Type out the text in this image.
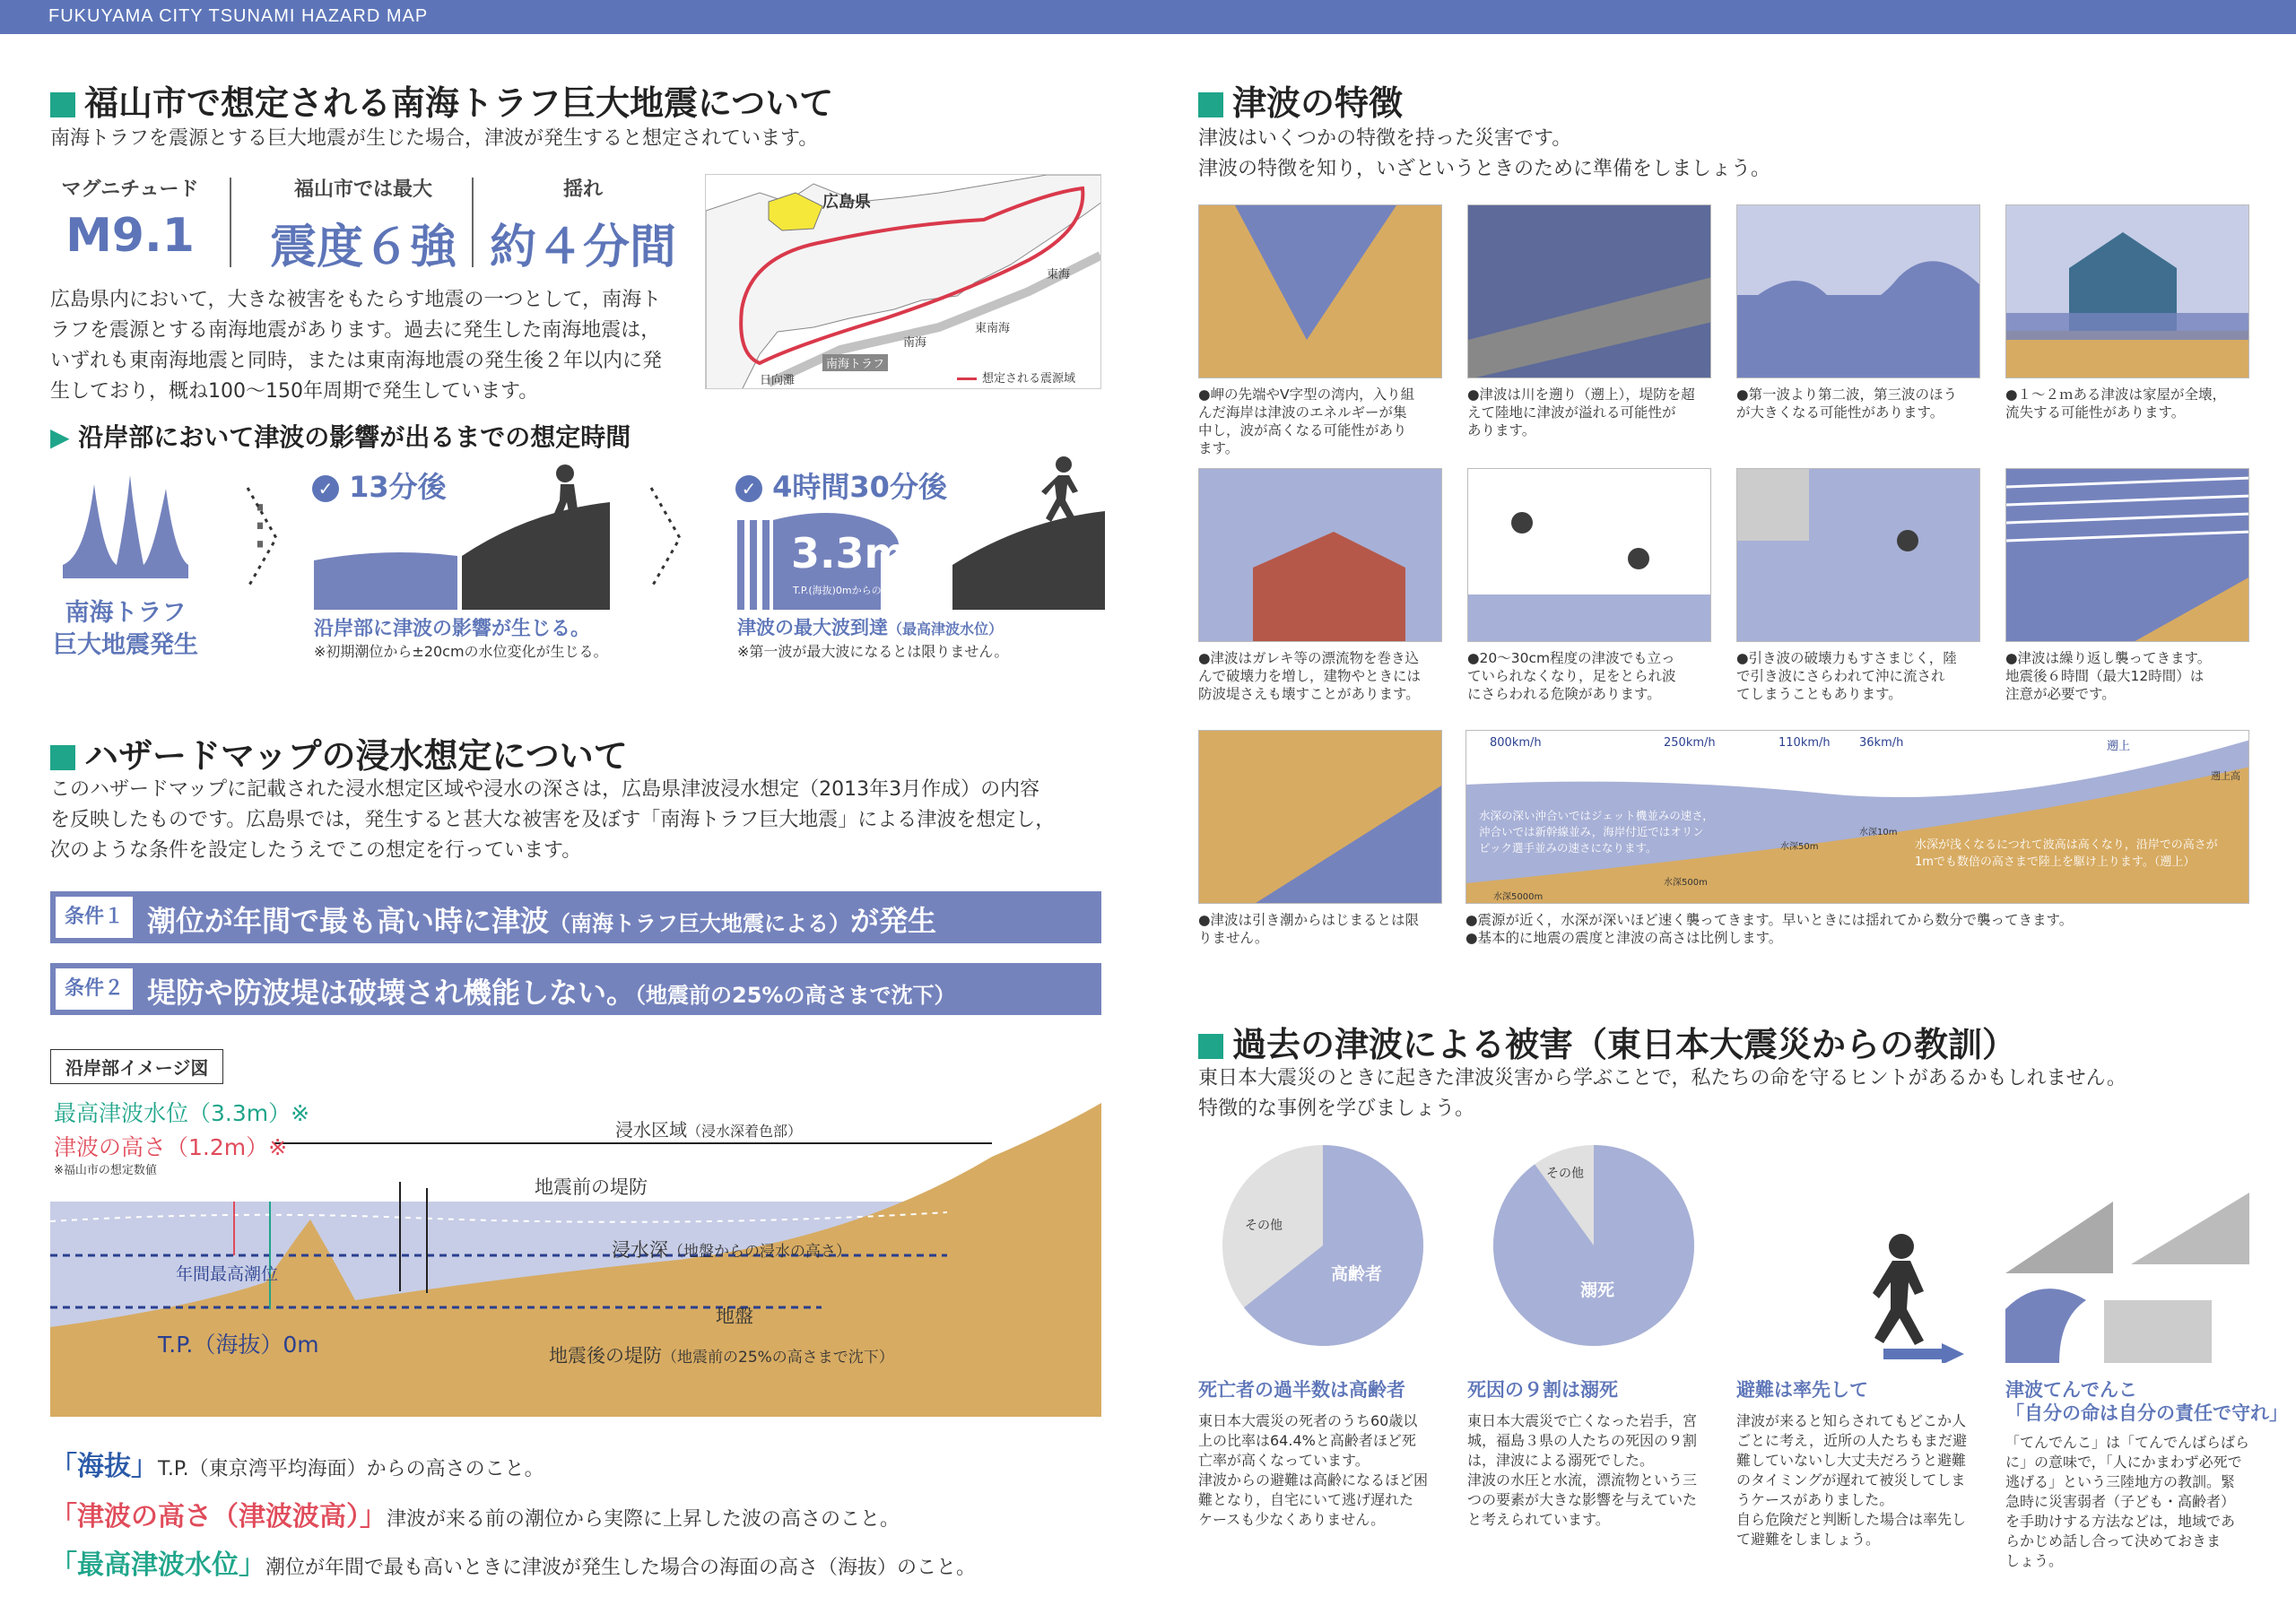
FUKUYAMA CITY TSUNAMI HAZARD MAP
福山市で想定される南海トラフ巨大地震について
南海トラフを震源とする巨大地震が生じた場合，津波が発生すると想定されています。
マグニチュード
M9.1
福山市では最大
震度６強
揺れ
約４分間
広島県内において，大きな被害をもたらす地震の一つとして，南海ト
ラフを震源とする南海地震があります。過去に発生した南海地震は，
いずれも東南海地震と同時，または東南海地震の発生後２年以内に発
生しており，概ね100～150年周期で発生しています。
広島県
東海
東南海
南海
南海トラフ
日向灘	想定される震源域
▶ 沿岸部において津波の影響が出るまでの想定時間
南海トラフ
巨大地震発生
⋮
✓ 13分後
沿岸部に津波の影響が生じる。
※初期潮位から±20cmの水位変化が生じる。
✓ 4時間30分後
3.3m
T.P.(海抜)0mからの高さ
津波の最大波到達（最高津波水位）
※第一波が最大波になるとは限りません。
ハザードマップの浸水想定について
このハザードマップに記載された浸水想定区域や浸水の深さは，広島県津波浸水想定（2013年3月作成）の内容
を反映したものです。広島県では，発生すると甚大な被害を及ぼす「南海トラフ巨大地震」による津波を想定し，
次のような条件を設定したうえでこの想定を行っています。
条件１ 潮位が年間で最も高い時に津波（南海トラフ巨大地震による）が発生
条件２ 堤防や防波堤は破壊され機能しない。（地震前の25%の高さまで沈下）
沿岸部イメージ図
最高津波水位（3.3m）※
津波の高さ（1.2m）※
※福山市の想定数値
年間最高潮位
T.P.（海抜）0m
浸水区域（浸水深着色部）
地震前の堤防
浸水深（地盤からの浸水の高さ）
地盤
地震後の堤防（地震前の25%の高さまで沈下）
「海抜」T.P.（東京湾平均海面）からの高さのこと。
「津波の高さ（津波波高）」津波が来る前の潮位から実際に上昇した波の高さのこと。
「最高津波水位」潮位が年間で最も高いときに津波が発生した場合の海面の高さ（海抜）のこと。
津波の特徴
津波はいくつかの特徴を持った災害です。
津波の特徴を知り，いざというときのために準備をしましょう。
●岬の先端やV字型の湾内，入り組
んだ海岸は津波のエネルギーが集
中し，波が高くなる可能性があり
ます。
●津波は川を遡り（遡上），堤防を超
えて陸地に津波が溢れる可能性が
あります。
●第一波より第二波，第三波のほう
が大きくなる可能性があります。
●１～２ｍある津波は家屋が全壊，
流失する可能性があります。
●津波はガレキ等の漂流物を巻き込
んで破壊力を増し，建物やときには
防波堤さえも壊すことがあります。
●20～30cm程度の津波でも立っ
ていられなくなり，足をとられ波
にさらわれる危険があります。
●引き波の破壊力もすさまじく，陸
で引き波にさらわれて沖に流され
てしまうこともあります。
●津波は繰り返し襲ってきます。
地震後６時間（最大12時間）は
注意が必要です。
●津波は引き潮からはじまるとは限
りません。
800km/h	250km/h	110km/h 36km/h	遡上
遡上高
水深の深い沖合いではジェット機並みの速さ，
沖合いでは新幹線並み，海岸付近ではオリン
ピック選手並みの速さになります。	水深が浅くなるにつれて波高は高くなり，沿岸での高さが
1mでも数倍の高さまで陸上を駆け上ります。（遡上）
水深5000m
水深500m
水深50m
水深10m
●震源が近く，水深が深いほど速く襲ってきます。早いときには揺れてから数分で襲ってきます。
●基本的に地震の震度と津波の高さは比例します。
過去の津波による被害（東日本大震災からの教訓）
東日本大震災のときに起きた津波災害から学ぶことで，私たちの命を守るヒントがあるかもしれません。
特徴的な事例を学びましょう。
高齢者
その他
溺死
その他
死亡者の過半数は高齢者	死因の９割は溺死	避難は率先して	津波てんでんこ
「自分の命は自分の責任で守れ」
東日本大震災の死者のうち60歳以
上の比率は64.4%と高齢者ほど死
亡率が高くなっています。
津波からの避難は高齢になるほど困
難となり，自宅にいて逃げ遅れた
ケースも少なくありません。
東日本大震災で亡くなった岩手，宮
城，福島３県の人たちの死因の９割
は，津波による溺死でした。
津波の水圧と水流，漂流物という三
つの要素が大きな影響を与えていた
と考えられています。
津波が来ると知らされてもどこか人
ごとに考え，近所の人たちもまだ避
難していないし大丈夫だろうと避難
のタイミングが遅れて被災してしま
うケースがありました。
自ら危険だと判断した場合は率先し
て避難をしましょう。
「てんでんこ」は「てんでんばらばら
に」の意味で，「人にかまわず必死で
逃げる」という三陸地方の教訓。緊
急時に災害弱者（子ども・高齢者）
を手助けする方法などは，地域であ
らかじめ話し合って決めておきま
しょう。
